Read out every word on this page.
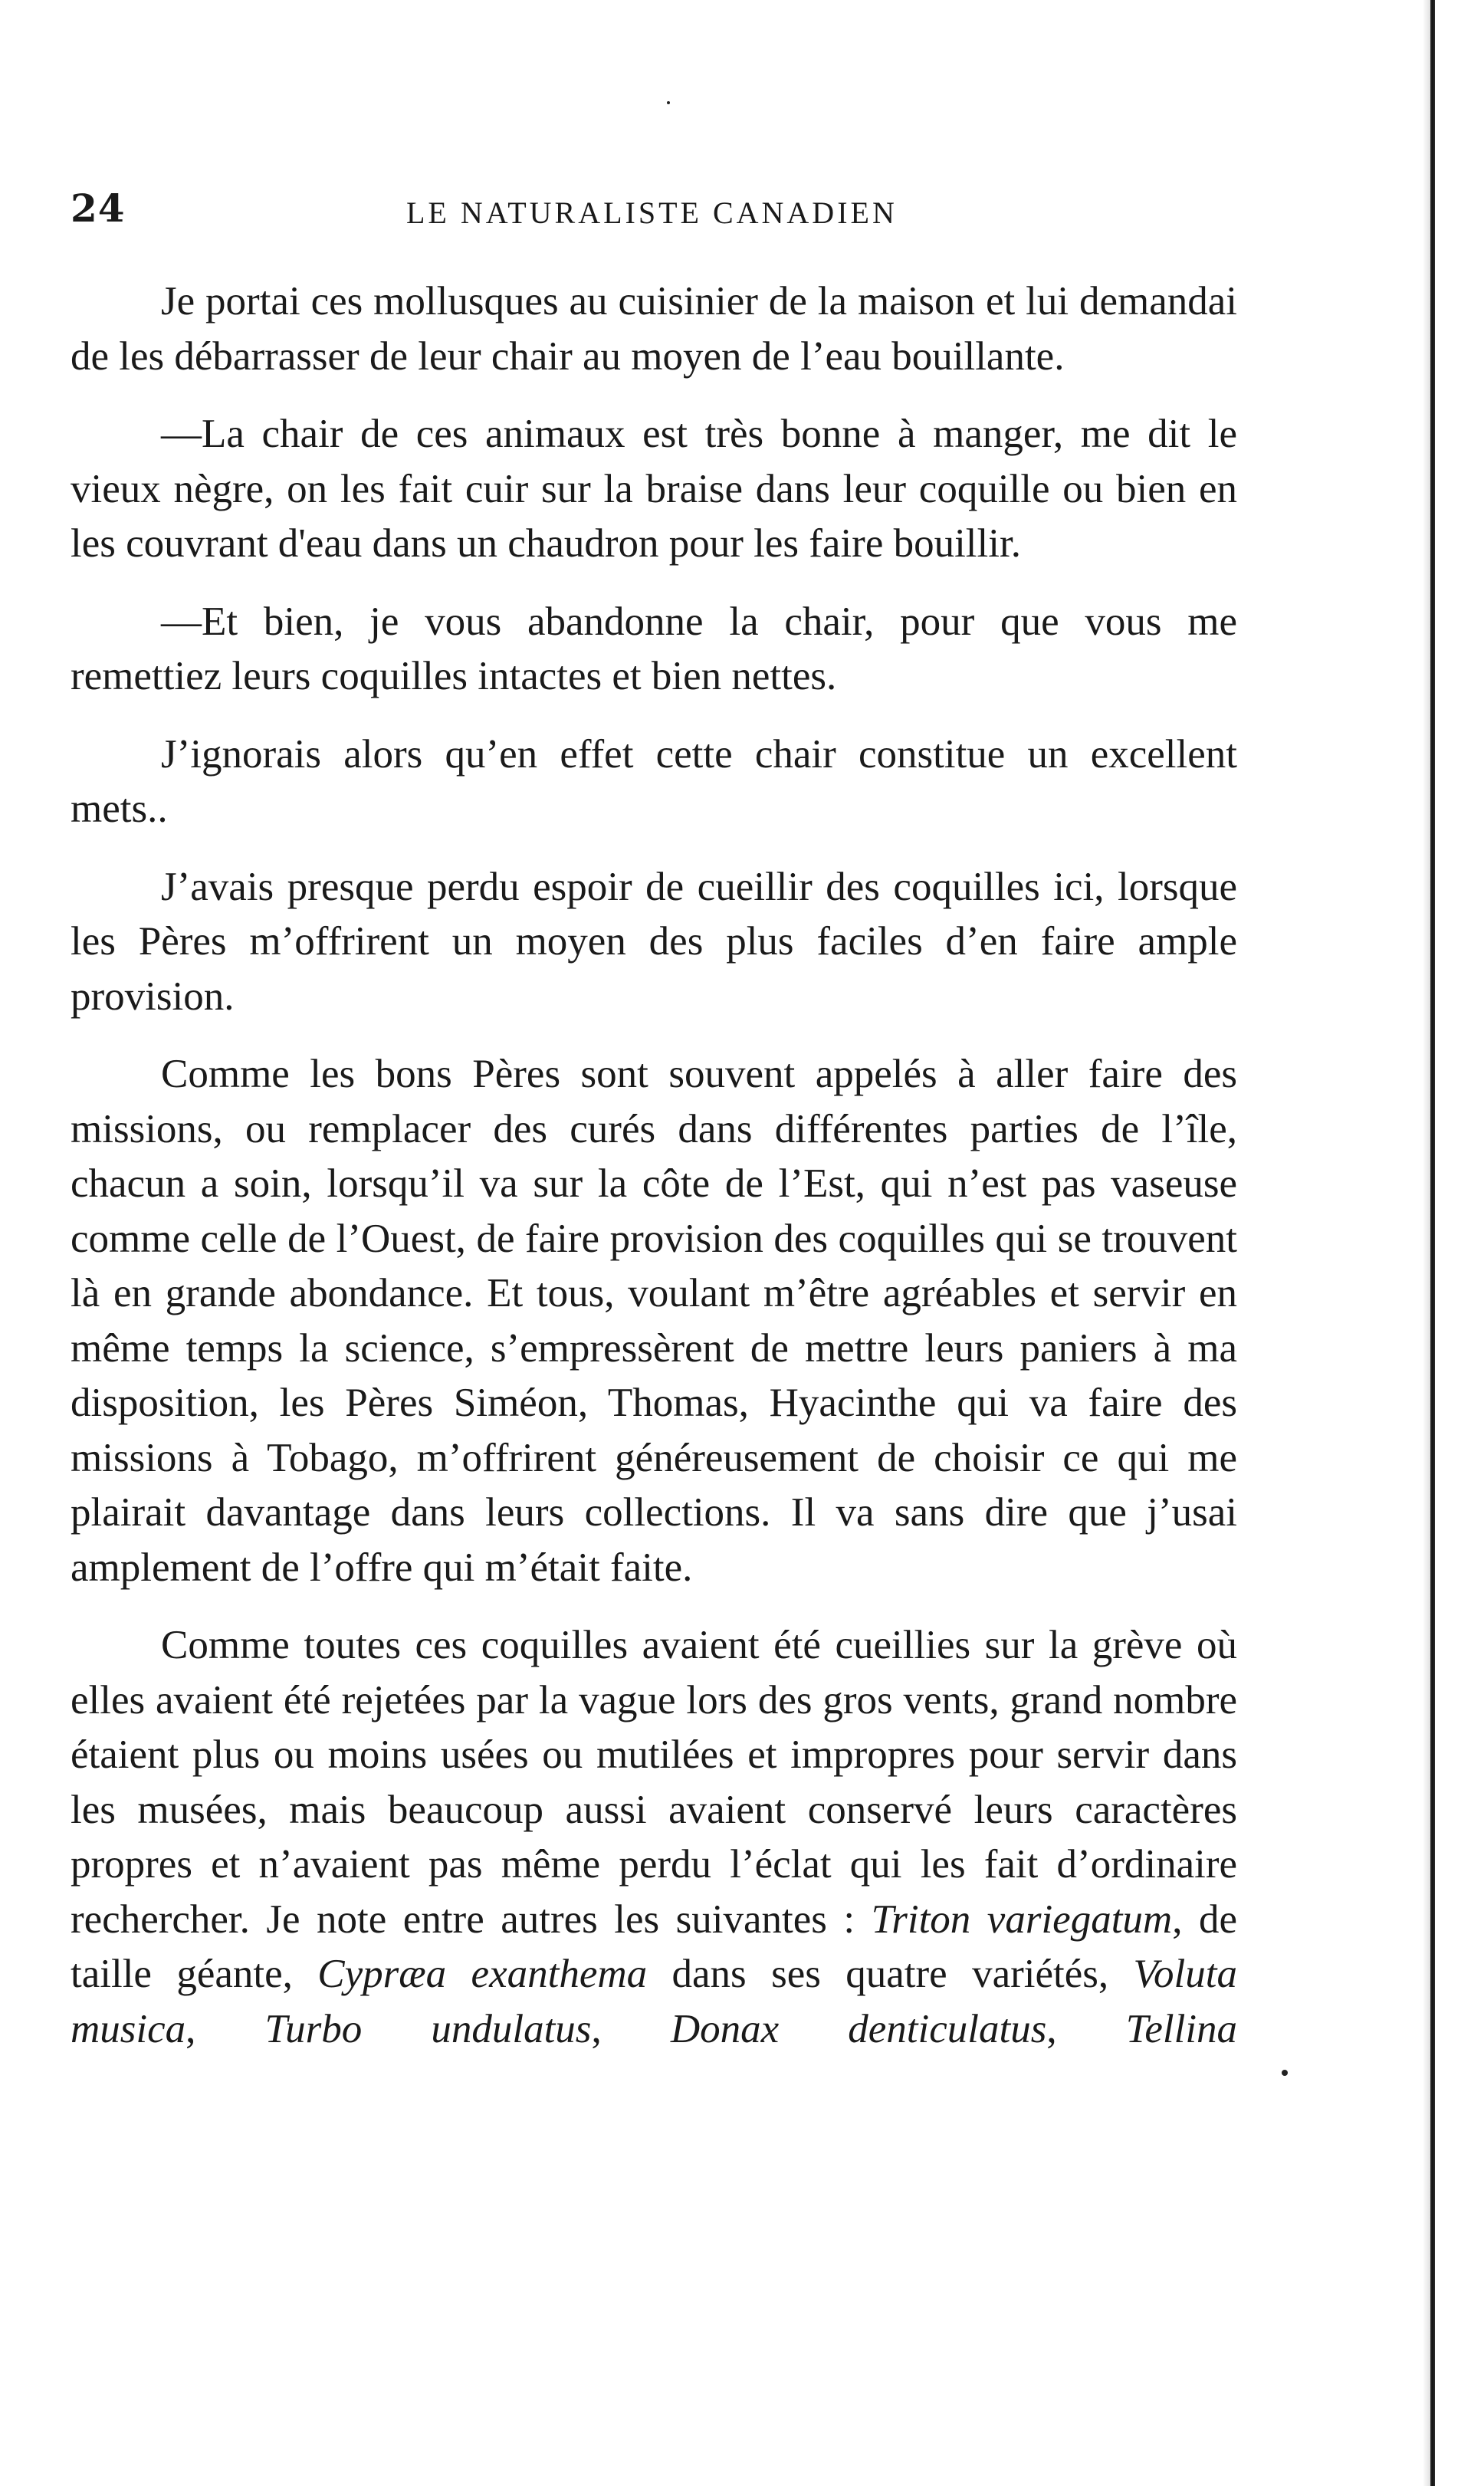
24	LE NATURALISTE CANADIEN

Je portai ces mollusques au cuisinier de la maison et lui demandai de les débarrasser de leur chair au moyen de l’eau bouillante.

—La chair de ces animaux est très bonne à manger, me dit le vieux nègre, on les fait cuir sur la braise dans leur coquille ou bien en les couvrant d'eau dans un chaudron pour les faire bouillir.

—Et bien, je vous abandonne la chair, pour que vous me remettiez leurs coquilles intactes et bien nettes.

J’ignorais alors qu’en effet cette chair constitue un excellent mets..

J’avais presque perdu espoir de cueillir des coquilles ici, lorsque les Pères m’offrirent un moyen des plus faciles d’en faire ample provision.

Comme les bons Pères sont souvent appelés à aller faire des missions, ou remplacer des curés dans différentes parties de l’île, chacun a soin, lorsqu’il va sur la côte de l’Est, qui n’est pas vaseuse comme celle de l’Ouest, de faire provision des coquilles qui se trouvent là en grande abondance. Et tous, voulant m’être agréables et servir en même temps la science, s’empressèrent de mettre leurs paniers à ma disposition, les Pères Siméon, Thomas, Hyacinthe qui va faire des missions à Tobago, m’offrirent généreusement de choisir ce qui me plairait davantage dans leurs collections. Il va sans dire que j’usai amplement de l’offre qui m’était faite.

Comme toutes ces coquilles avaient été cueillies sur la grève où elles avaient été rejetées par la vague lors des gros vents, grand nombre étaient plus ou moins usées ou mutilées et impropres pour servir dans les musées, mais beaucoup aussi avaient conservé leurs caractères propres et n’avaient pas même perdu l’éclat qui les fait d’ordinaire rechercher. Je note entre autres les suivantes : Triton variegatum, de taille géante, Cypræa exanthema dans ses quatre variétés, Voluta musica, Turbo undulatus, Donax denticulatus, Tellina
